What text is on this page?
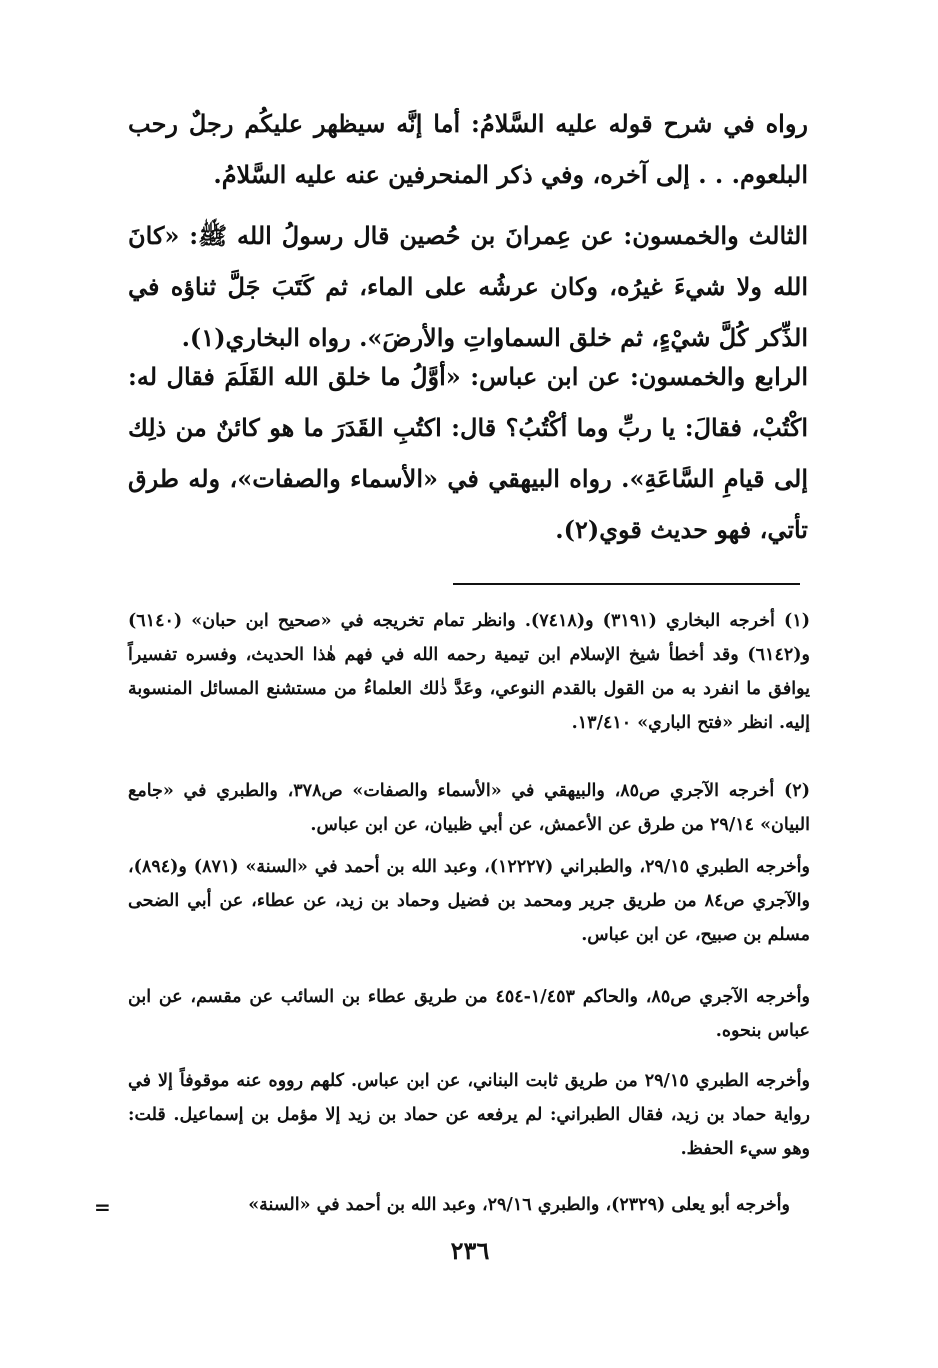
رواه في شرح قوله عليه السَّلامُ: أما إنَّه سيظهر عليكُم رجلٌ رحب البلعوم. . . إلى آخره، وفي ذكر المنحرفين عنه عليه السَّلامُ.

الثالث والخمسون: عن عِمرانَ بن حُصين قال رسولُ الله ﷺ: «كانَ الله ولا شيءَ غيرُه، وكان عرشُه على الماء، ثم كَتَبَ جَلَّ ثناؤه في الذِّكر كُلَّ شيْءٍ، ثم خلق السماواتِ والأرضَ». رواه البخاري(١).

الرابع والخمسون: عن ابن عباس: «أوَّلُ ما خلق الله القَلَمَ فقال له: اكْتُبْ، فقالَ: يا ربِّ وما أكْتُبُ؟ قال: اكتُبِ القَدَرَ ما هو كائنٌ من ذلِك إلى قيامِ السَّاعَةِ». رواه البيهقي في «الأسماء والصفات»، وله طرق تأتي، فهو حديث قوي(٢).

(١) أخرجه البخاري (٣١٩١) و(٧٤١٨). وانظر تمام تخريجه في «صحيح ابن حبان» (٦١٤٠) و(٦١٤٢) وقد أخطأ شيخ الإسلام ابن تيمية رحمه الله في فهم هٰذا الحديث، وفسره تفسيراً يوافق ما انفرد به من القول بالقدم النوعي، وعَدَّ ذٰلك العلماءُ من مستشنع المسائل المنسوبة إليه. انظر «فتح الباري» ١٣/٤١٠.

(٢) أخرجه الآجري ص٨٥، والبيهقي في «الأسماء والصفات» ص٣٧٨، والطبري في «جامع البيان» ٢٩/١٤ من طرق عن الأعمش، عن أبي ظبيان، عن ابن عباس.

وأخرجه الطبري ٢٩/١٥، والطبراني (١٢٢٢٧)، وعبد الله بن أحمد في «السنة» (٨٧١) و(٨٩٤)، والآجري ص٨٤ من طريق جرير ومحمد بن فضيل وحماد بن زيد، عن عطاء، عن أبي الضحى مسلم بن صبيح، عن ابن عباس.

وأخرجه الآجري ص٨٥، والحاكم ١/٤٥٣-٤٥٤ من طريق عطاء بن السائب عن مقسم، عن ابن عباس بنحوه.

وأخرجه الطبري ٢٩/١٥ من طريق ثابت البناني، عن ابن عباس. كلهم رووه عنه موقوفاً إلا في رواية حماد بن زيد، فقال الطبراني: لم يرفعه عن حماد بن زيد إلا مؤمل بن إسماعيل. قلت: وهو سيء الحفظ.

وأخرجه أبو يعلى (٢٣٢٩)، والطبري ٢٩/١٦، وعبد الله بن أحمد في «السنة»

=
٢٣٦
